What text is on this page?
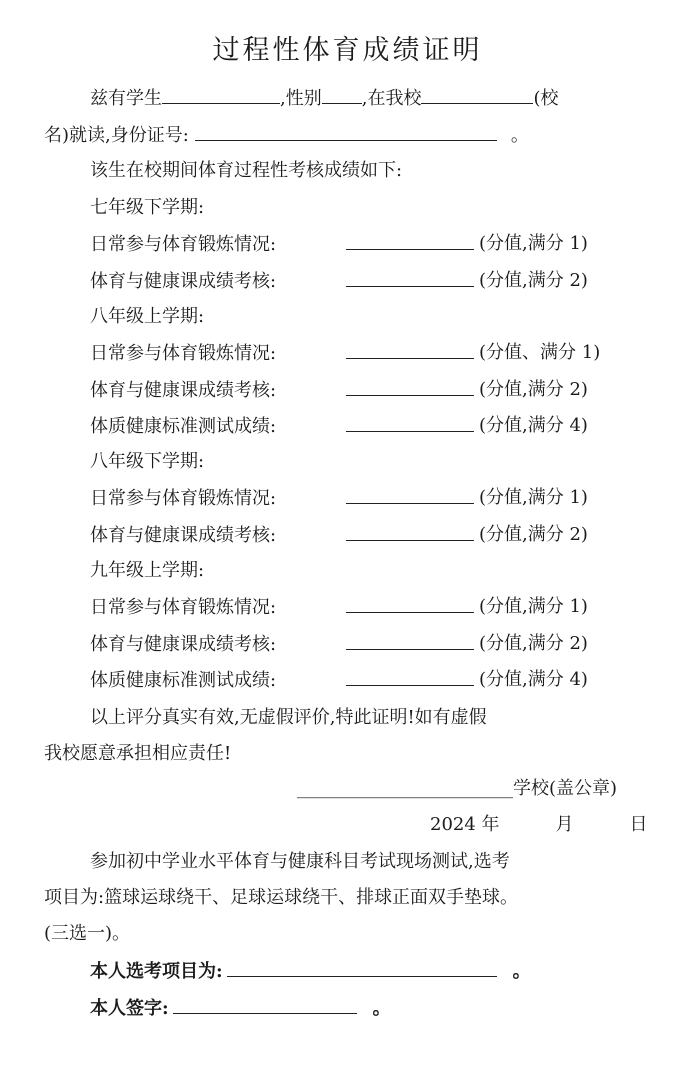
过程性体育成绩证明
兹有学生	,性别 ,在我校	(校
名)就读,身份证号:	。
该生在校期间体育过程性考核成绩如下:
七年级下学期:
日常参与体育锻炼情况:	(分值,满分 1)
体育与健康课成绩考核:	(分值,满分 2)
八年级上学期:
日常参与体育锻炼情况:	(分值、满分 1)
体育与健康课成绩考核:	(分值,满分 2)
体质健康标准测试成绩:	(分值,满分 4)
八年级下学期:
日常参与体育锻炼情况:	(分值,满分 1)
体育与健康课成绩考核:	(分值,满分 2)
九年级上学期:
日常参与体育锻炼情况:	(分值,满分 1)
体育与健康课成绩考核:	(分值,满分 2)
体质健康标准测试成绩:	(分值,满分 4)
以上评分真实有效,无虚假评价,特此证明!如有虚假
我校愿意承担相应责任!
________________________学校(盖公章)
2024 年	月	日
参加初中学业水平体育与健康科目考试现场测试,选考
项目为:篮球运球绕干、足球运球绕干、排球正面双手垫球。
(三选一)。
本人选考项目为:	。
本人签字:	。
